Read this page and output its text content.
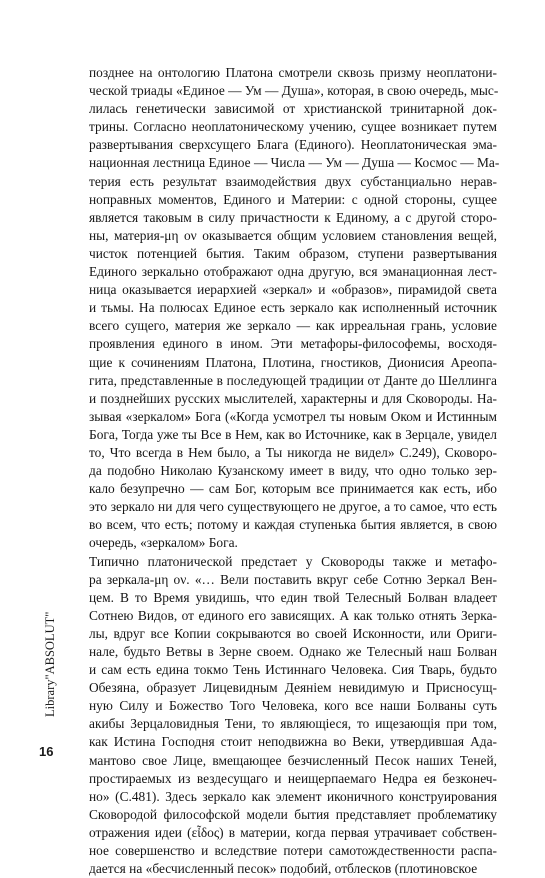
позднее на онтологию Платона смотрели сквозь призму неоплатони-
ческой триады «Единое — Ум — Душа», которая, в свою очередь, мыс-
лилась генетически зависимой от христианской тринитарной док-
трины. Согласно неоплатоническому учению, сущее возникает путем
развертывания сверхсущего Блага (Единого). Неоплатоническая эма-
национная лестница Единое — Числа — Ум — Душа — Космос — Ма-
терия есть результат взаимодействия двух субстанциально нерав-
ноправных моментов, Единого и Материи: с одной стороны, сущее
является таковым в силу причастности к Единому, а с другой сторо-
ны, материя-μη ον оказывается общим условием становления вещей,
чисток потенцией бытия. Таким образом, ступени развертывания
Единого зеркально отображают одна другую, вся эманационная лест-
ница оказывается иерархией «зеркал» и «образов», пирамидой света
и тьмы. На полюсах Единое есть зеркало как исполненный источник
всего сущего, материя же зеркало — как ирреальная грань, условие
проявления единого в ином. Эти метафоры-философемы, восходя-
щие к сочинениям Платона, Плотина, гностиков, Дионисия Ареопа-
гита, представленные в последующей традиции от Данте до Шеллинга
и позднейших русских мыслителей, характерны и для Сковороды. На-
зывая «зеркалом» Бога («Когда усмотрел ты новым Оком и Истинным
Бога, Тогда уже ты Все в Нем, как во Источнике, как в Зерцале, увидел
то, Что всегда в Нем было, а Ты никогда не видел» С.249), Сковоро-
да подобно Николаю Кузанскому имеет в виду, что одно только зер-
кало безупречно — сам Бог, которым все принимается как есть, ибо
это зеркало ни для чего существующего не другое, а то самое, что есть
во всем, что есть; потому и каждая ступенька бытия является, в свою
очередь, «зеркалом» Бога.

Типично платонической предстает у Сковороды также и метафо-
ра зеркала-μη ον. «… Вели поставить вкруг себе Сотню Зеркал Вен-
цем. В то Время увидишь, что един твой Телесный Болван владеет
Сотнею Видов, от единого его зависящих. А как только отнять Зерка-
лы, вдруг все Копии сокрываются во своей Исконности, или Ориги-
нале, будьто Ветвы в Зерне своем. Однако же Телесный наш Болван
и сам есть едина токмо Тень Истиннаго Человека. Сия Тварь, будьто
Обезяна, образует Лицевидным Деянiем невидимую и Присносущ-
ную Силу и Божество Того Человека, кого все наши Болваны суть
акибы Зерцаловидныя Тени, то являющіеся, то ищезающія при том,
как Истина Господня стоит неподвижна во Веки, утвердившая Ада-
мантово свое Лице, вмещающее безчисленный Песок наших Теней,
простираемых из вездесущаго и неищерпаемаго Недра ея безконеч-
но» (С.481). Здесь зеркало как элемент иконичного конструирования
Сковородой философской модели бытия представляет проблематику
отражения идеи (εἶδος) в материи, когда первая утрачивает собствен-
ное совершенство и вследствие потери самотождественности распа-
дается на «бесчисленный песок» подобий, отблесков (плотиновское

Library"ABSOLUT"
16
